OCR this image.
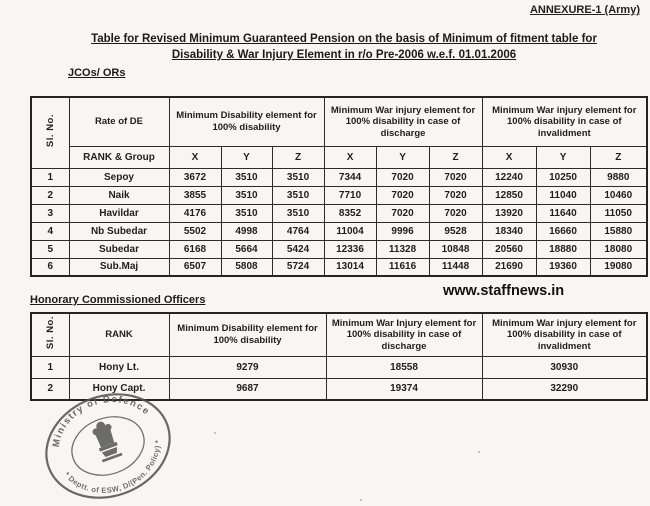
ANNEXURE-1 (Army)
Table for Revised Minimum Guaranteed Pension on the basis of Minimum of fitment table for
Disability & War Injury Element in r/o Pre-2006 w.e.f. 01.01.2006
JCOs/ ORs
Sl. No.	Rate of DE	Minimum Disability element for 100% disability			Minimum War injury element for 100% disability in case of discharge			Minimum War injury element for 100% disability in case of invalidment		
	RANK & Group	X	Y	Z	X	Y	Z	X	Y	Z
1	Sepoy	3672	3510	3510	7344	7020	7020	12240	10250	9880
2	Naik	3855	3510	3510	7710	7020	7020	12850	11040	10460
3	Havildar	4176	3510	3510	8352	7020	7020	13920	11640	11050
4	Nb Subedar	5502	4998	4764	11004	9996	9528	18340	16660	15880
5	Subedar	6168	5664	5424	12336	11328	10848	20560	18880	18080
6	Sub.Maj	6507	5808	5724	13014	11616	11448	21690	19360	19080
www.staffnews.in
Honorary Commissioned Officers
Sl. No.	RANK	Minimum Disability element for 100% disability	Minimum War Injury element for 100% disability in case of discharge	Minimum War injury element for 100% disability in case of invalidment
1	Hony Lt.	9279	18558	30930
2	Hony Capt.	9687	19374	32290
Ministry of Defence
* Deptt. of ESW, D/(Pen. Policy) *
